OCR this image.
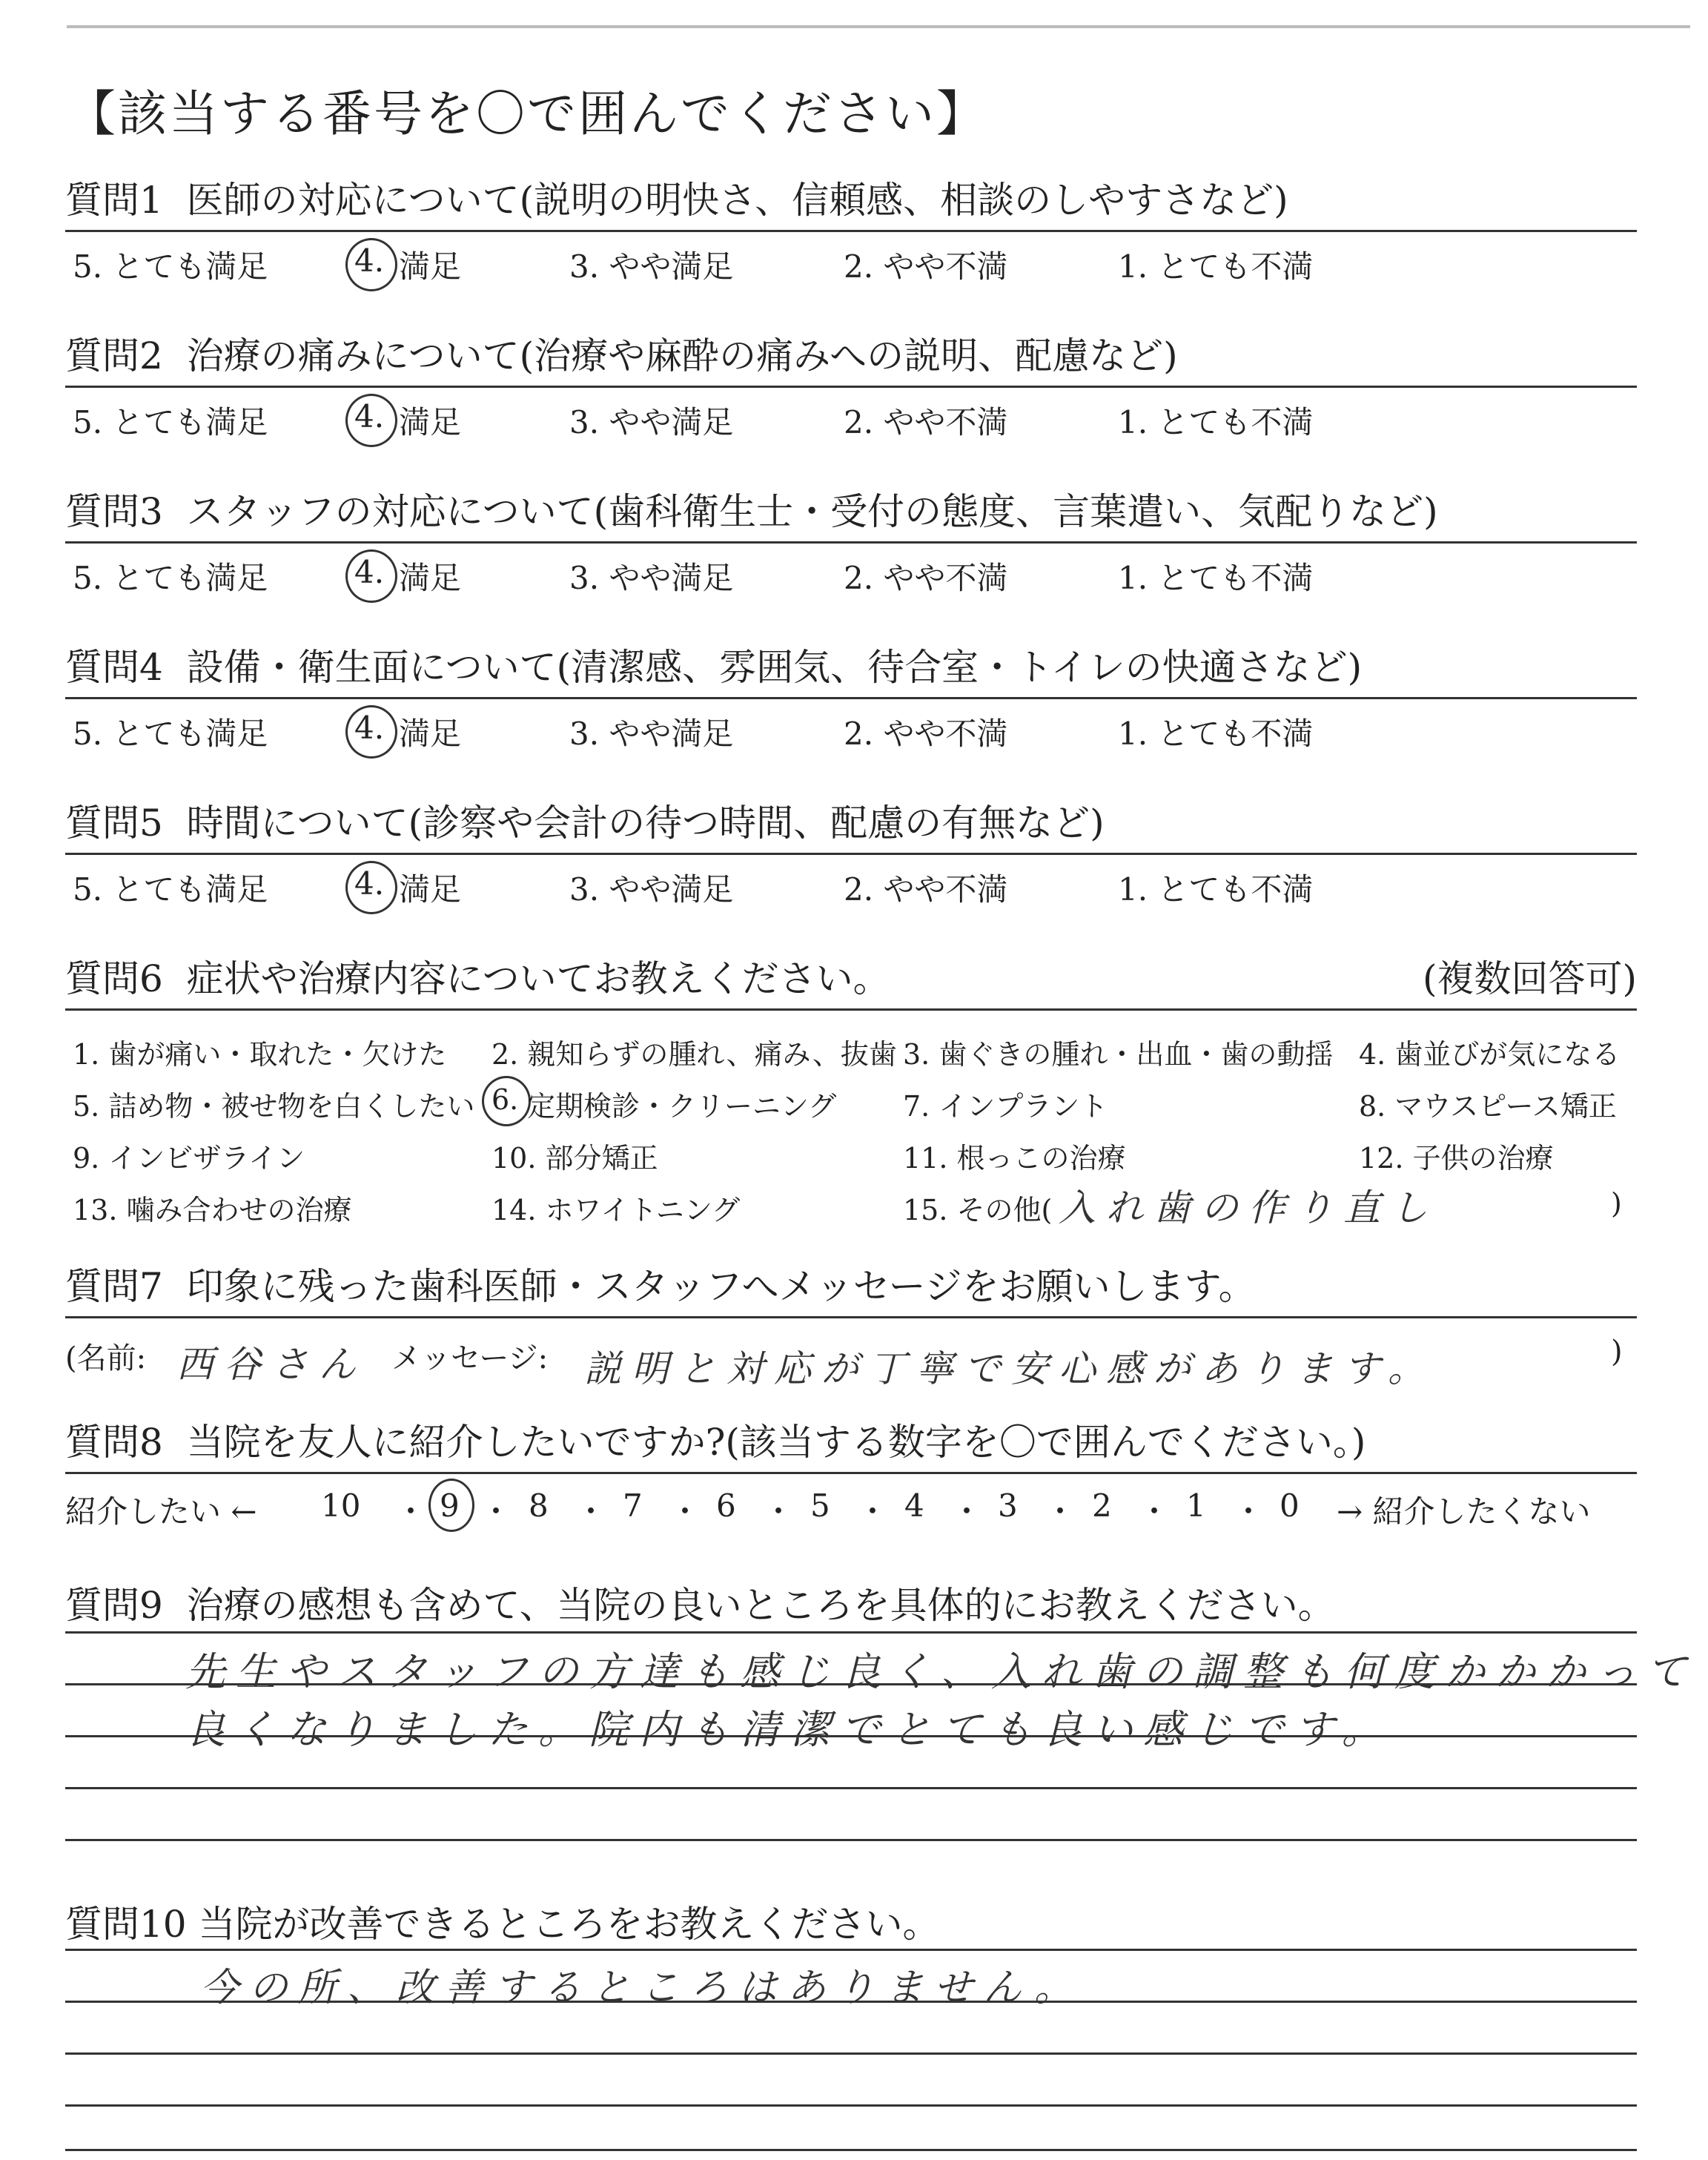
【該当する番号を〇で囲んでください】
質問1 医師の対応について(説明の明快さ、信頼感、相談のしやすさなど)
5. とても満足	4. 満足	3. やや満足	2. やや不満	1. とても不満
質問2 治療の痛みについて(治療や麻酔の痛みへの説明、配慮など)
5. とても満足	4. 満足	3. やや満足	2. やや不満	1. とても不満
質問3 スタッフの対応について(歯科衛生士・受付の態度、言葉遣い、気配りなど)
5. とても満足	4. 満足	3. やや満足	2. やや不満	1. とても不満
質問4 設備・衛生面について(清潔感、雰囲気、待合室・トイレの快適さなど)
5. とても満足	4. 満足	3. やや満足	2. やや不満	1. とても不満
質問5 時間について(診察や会計の待つ時間、配慮の有無など)
5. とても満足	4. 満足	3. やや満足	2. やや不満	1. とても不満
質問6 症状や治療内容についてお教えください。	(複数回答可)
1. 歯が痛い・取れた・欠けた 2. 親知らずの腫れ、痛み、抜歯 3. 歯ぐきの腫れ・出血・歯の動揺 4. 歯並びが気になる
5. 詰め物・被せ物を白くしたい 6. 定期検診・クリーニング 7. インプラント	8. マウスピース矯正
9. インビザライン	10. 部分矯正	11. 根っこの治療	12. 子供の治療
13. 噛み合わせの治療	14. ホワイトニング	15. その他( 入れ歯の作り直し	)
質問7 印象に残った歯科医師・スタッフへメッセージをお願いします。
(名前: 西谷さん メッセージ: 説明と対応が丁寧で安心感があります。	)
質問8 当院を友人に紹介したいですか?(該当する数字を〇で囲んでください。)
紹介したい ← 10 ・ 9 ・ 8 ・ 7 ・ 6 ・ 5 ・ 4 ・ 3 ・ 2 ・ 1 ・ 0 → 紹介したくない
質問9 治療の感想も含めて、当院の良いところを具体的にお教えください。
先生やスタッフの方達も感じ良く、入れ歯の調整も何度かかかって
良くなりました。院内も清潔でとても良い感じです。
質問10 当院が改善できるところをお教えください。
今の所、改善するところはありません。
